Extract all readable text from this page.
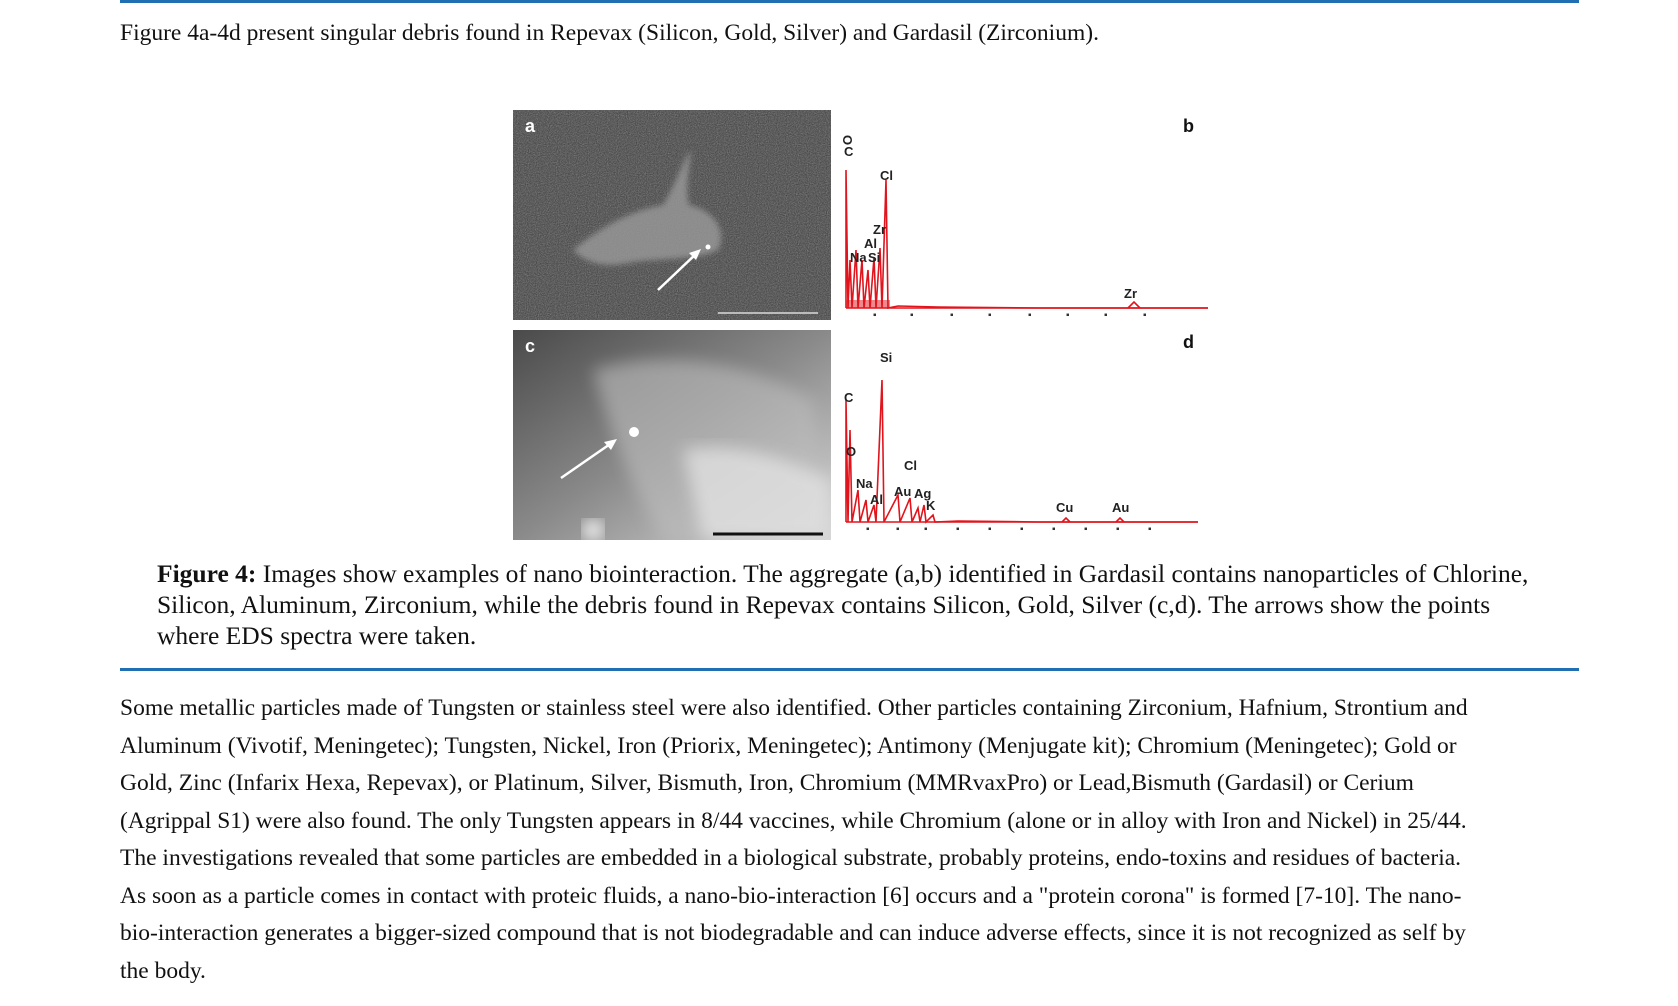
Figure 4a-4d present singular debris found in Repevax (Silicon, Gold, Silver) and Gardasil (Zirconium).
a
▪	▪	▪	▪	▪	▪	▪	▪
O
C
Cl
Zr
Al
Na Si
Zr
b
c
▪	▪ ▪	▪	▪	▪	▪	▪	▪	▪
Si
C
O
Cl
Na
Al
Au Ag
K	Cu	Au
d
Figure 4: Images show examples of nano biointeraction. The aggregate (a,b) identified in Gardasil contains nanoparticles of Chlorine, Silicon, Aluminum, Zirconium, while the debris found in Repevax contains Silicon, Gold, Silver (c,d). The arrows show the points where EDS spectra were taken.
Some metallic particles made of Tungsten or stainless steel were also identified. Other particles containing Zirconium, Hafnium, Strontium and
Aluminum (Vivotif, Meningetec); Tungsten, Nickel, Iron (Priorix, Meningetec); Antimony (Menjugate kit); Chromium (Meningetec); Gold or
Gold, Zinc (Infarix Hexa, Repevax), or Platinum, Silver, Bismuth, Iron, Chromium (MMRvaxPro) or Lead,Bismuth (Gardasil) or Cerium
(Agrippal S1) were also found. The only Tungsten appears in 8/44 vaccines, while Chromium (alone or in alloy with Iron and Nickel) in 25/44.
The investigations revealed that some particles are embedded in a biological substrate, probably proteins, endo-toxins and residues of bacteria.
As soon as a particle comes in contact with proteic fluids, a nano-bio-interaction [6] occurs and a "protein corona" is formed [7-10]. The nano-
bio-interaction generates a bigger-sized compound that is not biodegradable and can induce adverse effects, since it is not recognized as self by
the body.
